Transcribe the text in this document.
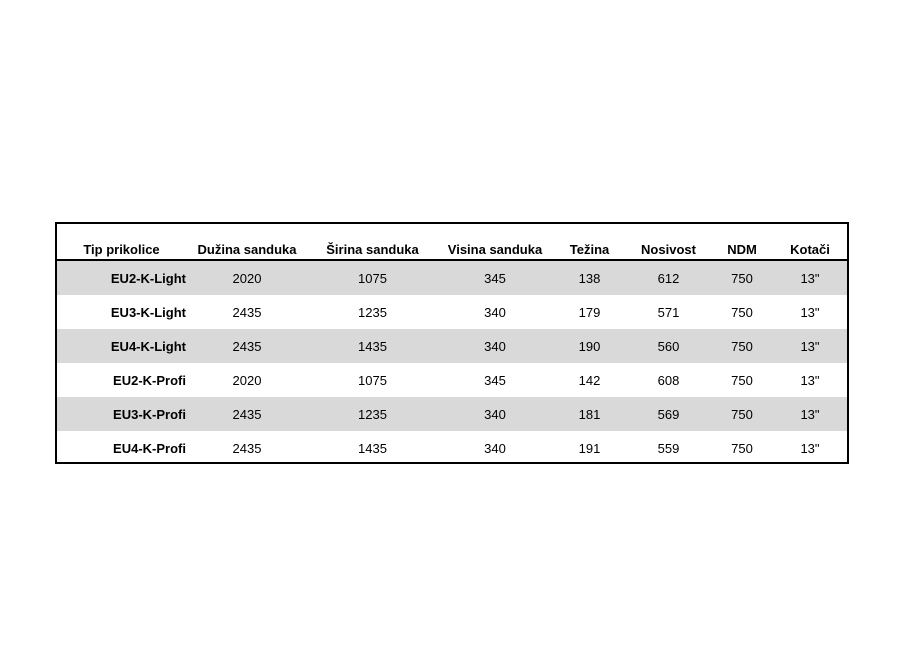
Tip prikolice	Dužina sanduka	Širina sanduka	Visina sanduka	Težina	Nosivost	NDM	Kotači
EU2-K-Light	2020	1075	345	138	612	750	13"
EU3-K-Light	2435	1235	340	179	571	750	13"
EU4-K-Light	2435	1435	340	190	560	750	13"
EU2-K-Profi	2020	1075	345	142	608	750	13"
EU3-K-Profi	2435	1235	340	181	569	750	13"
EU4-K-Profi	2435	1435	340	191	559	750	13"
